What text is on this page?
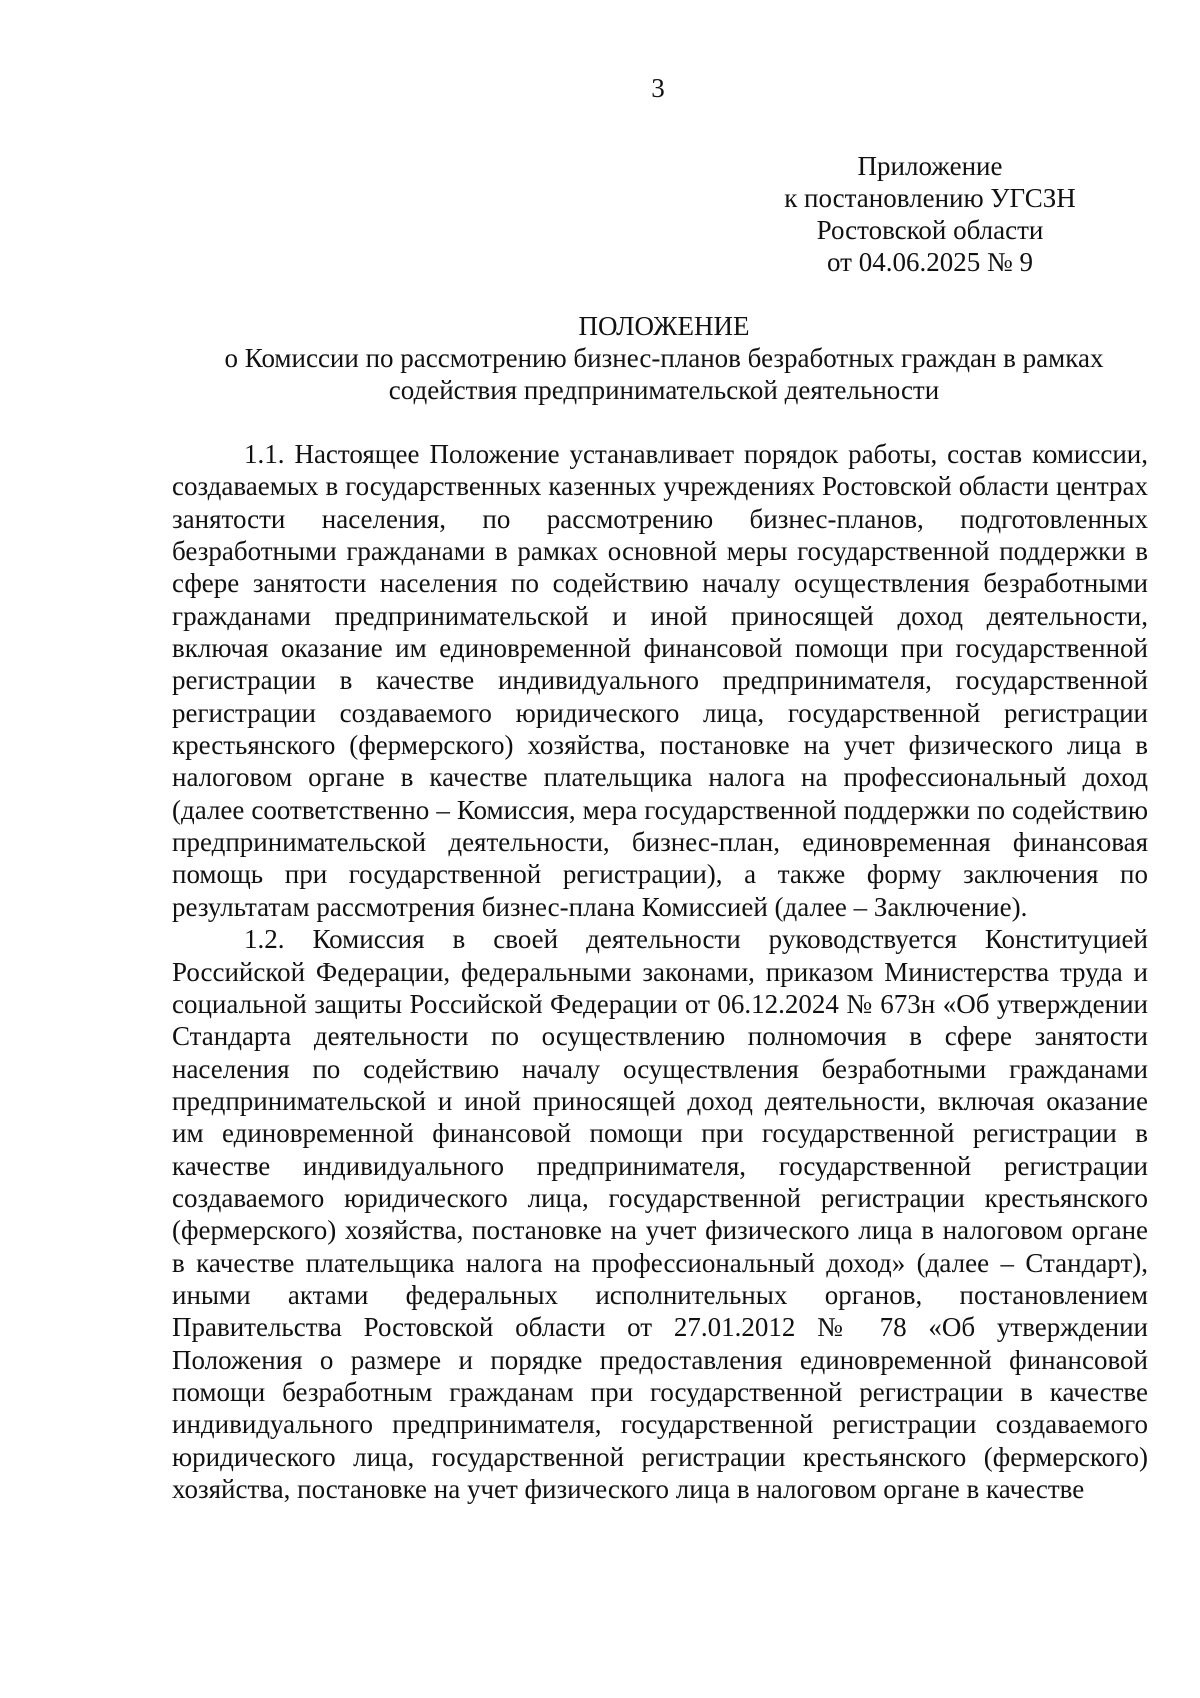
3
Приложение
к постановлению УГСЗН
Ростовской области
от 04.06.2025 № 9
ПОЛОЖЕНИЕ
о Комиссии по рассмотрению бизнес-планов безработных граждан в рамках
содействия предпринимательской деятельности

1.1. Настоящее Положение устанавливает порядок работы, состав комиссии, создаваемых в государственных казенных учреждениях Ростовской области центрах занятости населения, по рассмотрению бизнес-планов, подготовленных безработными гражданами в рамках основной меры государственной поддержки в сфере занятости населения по содействию началу осуществления безработными гражданами предпринимательской и иной приносящей доход деятельности, включая оказание им единовременной финансовой помощи при государственной регистрации в качестве индивидуального предпринимателя, государственной регистрации создаваемого юридического лица, государственной регистрации крестьянского (фермерского) хозяйства, постановке на учет физического лица в налоговом органе в качестве плательщика налога на профессиональный доход (далее соответственно – Комиссия, мера государственной поддержки по содействию предпринимательской деятельности, бизнес-план, единовременная финансовая помощь при государственной регистрации), а также форму заключения по результатам рассмотрения бизнес-плана Комиссией (далее – Заключение).

1.2. Комиссия в своей деятельности руководствуется Конституцией Российской Федерации, федеральными законами, приказом Министерства труда и социальной защиты Российской Федерации от 06.12.2024 № 673н «Об утверждении Стандарта деятельности по осуществлению полномочия в сфере занятости населения по содействию началу осуществления безработными гражданами предпринимательской и иной приносящей доход деятельности, включая оказание им единовременной финансовой помощи при государственной регистрации в качестве индивидуального предпринимателя, государственной регистрации создаваемого юридического лица, государственной регистрации крестьянского (фермерского) хозяйства, постановке на учет физического лица в налоговом органе в качестве плательщика налога на профессиональный доход» (далее – Стандарт), иными актами федеральных исполнительных органов, постановлением Правительства Ростовской области от 27.01.2012 № 78 «Об утверждении Положения о размере и порядке предоставления единовременной финансовой помощи безработным гражданам при государственной регистрации в качестве индивидуального предпринимателя, государственной регистрации создаваемого юридического лица, государственной регистрации крестьянского (фермерского) хозяйства, постановке на учет физического лица в налоговом органе в качестве
